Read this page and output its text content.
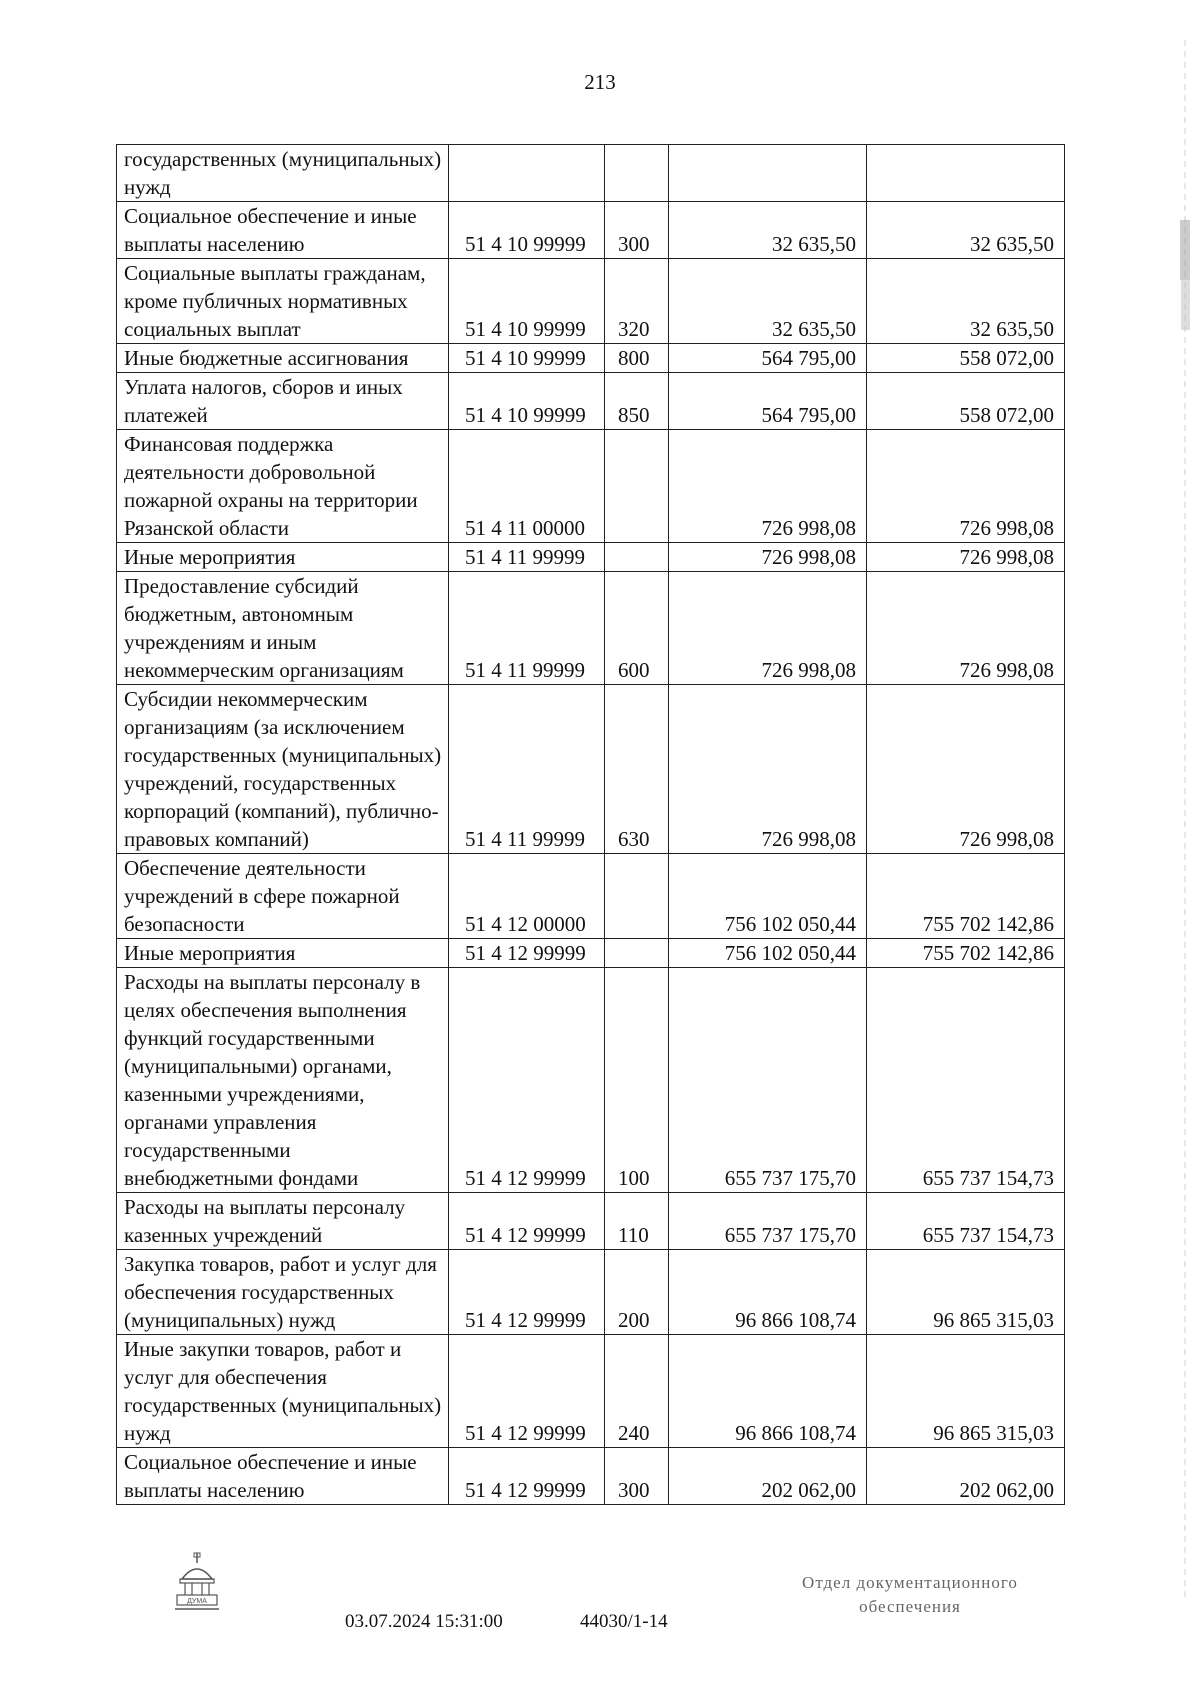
213
государственных (муниципальных) нужд				
Социальное обеспечение и иные выплаты населению	51 4 10 99999	300	32 635,50	32 635,50
Социальные выплаты гражданам, кроме публичных нормативных социальных выплат	51 4 10 99999	320	32 635,50	32 635,50
Иные бюджетные ассигнования	51 4 10 99999	800	564 795,00	558 072,00
Уплата налогов, сборов и иных платежей	51 4 10 99999	850	564 795,00	558 072,00
Финансовая поддержка деятельности добровольной пожарной охраны на территории Рязанской области	51 4 11 00000		726 998,08	726 998,08
Иные мероприятия	51 4 11 99999		726 998,08	726 998,08
Предоставление субсидий бюджетным, автономным учреждениям и иным некоммерческим организациям	51 4 11 99999	600	726 998,08	726 998,08
Субсидии некоммерческим организациям (за исключением государственных (муниципальных) учреждений, государственных корпораций (компаний), публично-правовых компаний)	51 4 11 99999	630	726 998,08	726 998,08
Обеспечение деятельности учреждений в сфере пожарной безопасности	51 4 12 00000		756 102 050,44	755 702 142,86
Иные мероприятия	51 4 12 99999		756 102 050,44	755 702 142,86
Расходы на выплаты персоналу в целях обеспечения выполнения функций государственными (муниципальными) органами, казенными учреждениями, органами управления государственными внебюджетными фондами	51 4 12 99999	100	655 737 175,70	655 737 154,73
Расходы на выплаты персоналу казенных учреждений	51 4 12 99999	110	655 737 175,70	655 737 154,73
Закупка товаров, работ и услуг для обеспечения государственных (муниципальных) нужд	51 4 12 99999	200	96 866 108,74	96 865 315,03
Иные закупки товаров, работ и услуг для обеспечения государственных (муниципальных) нужд	51 4 12 99999	240	96 866 108,74	96 865 315,03
Социальное обеспечение и иные выплаты населению	51 4 12 99999	300	202 062,00	202 062,00
ДУМА
03.07.2024 15:31:00	44030/1-14
Отдел документационного
обеспечения
